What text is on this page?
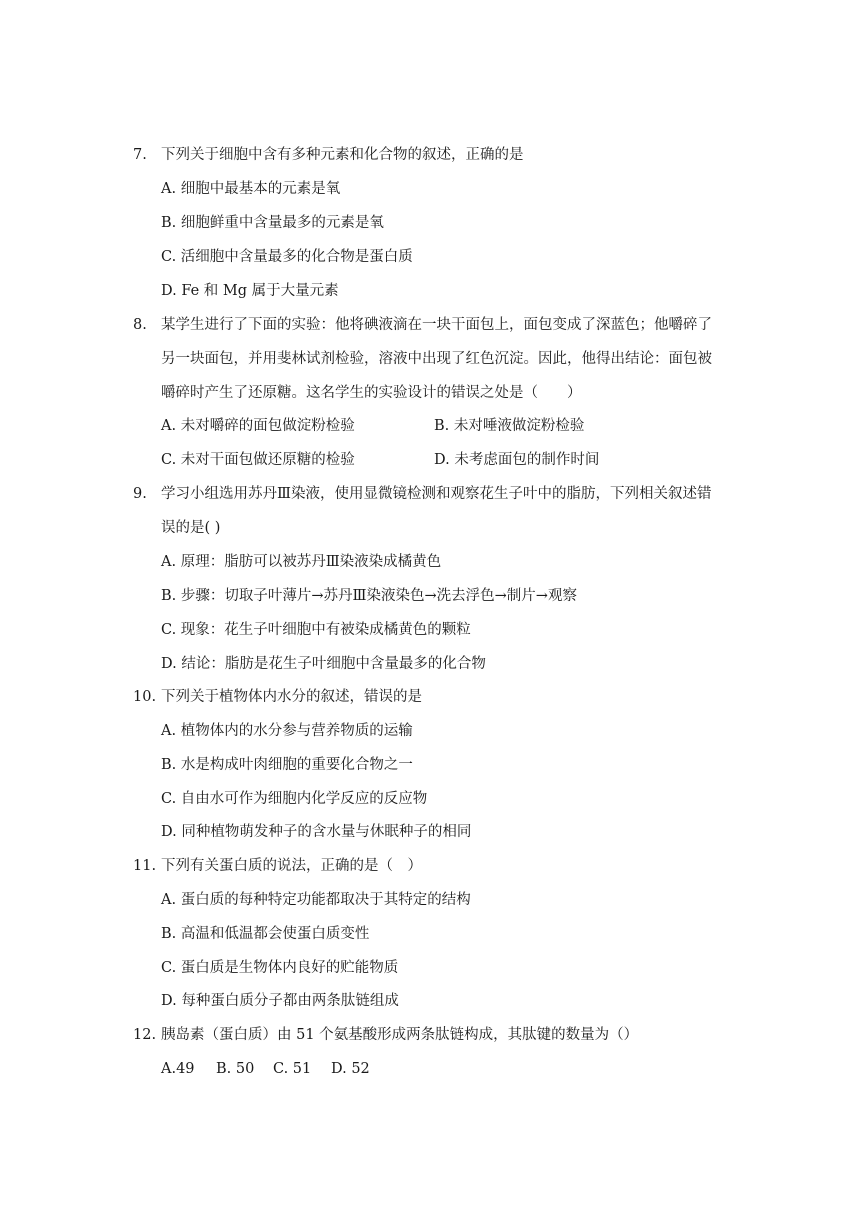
7. 下列关于细胞中含有多种元素和化合物的叙述，正确的是
A. 细胞中最基本的元素是氧
B. 细胞鲜重中含量最多的元素是氧
C. 活细胞中含量最多的化合物是蛋白质
D. Fe 和 Mg 属于大量元素
8. 某学生进行了下面的实验：他将碘液滴在一块干面包上，面包变成了深蓝色；他嚼碎了
另一块面包，并用斐林试剂检验，溶液中出现了红色沉淀。因此，他得出结论：面包被
嚼碎时产生了还原糖。这名学生的实验设计的错误之处是（　　）
A. 未对嚼碎的面包做淀粉检验	B. 未对唾液做淀粉检验
C. 未对干面包做还原糖的检验	D. 未考虑面包的制作时间
9. 学习小组选用苏丹Ⅲ染液，使用显微镜检测和观察花生子叶中的脂肪，下列相关叙述错
误的是( )
A. 原理：脂肪可以被苏丹Ⅲ染液染成橘黄色
B. 步骤：切取子叶薄片→苏丹Ⅲ染液染色→洗去浮色→制片→观察
C. 现象：花生子叶细胞中有被染成橘黄色的颗粒
D. 结论：脂肪是花生子叶细胞中含量最多的化合物
10. 下列关于植物体内水分的叙述，错误的是
A. 植物体内的水分参与营养物质的运输
B. 水是构成叶肉细胞的重要化合物之一
C. 自由水可作为细胞内化学反应的反应物
D. 同种植物萌发种子的含水量与休眠种子的相同
11. 下列有关蛋白质的说法，正确的是（　）
A. 蛋白质的每种特定功能都取决于其特定的结构
B. 高温和低温都会使蛋白质变性
C. 蛋白质是生物体内良好的贮能物质
D. 每种蛋白质分子都由两条肽链组成
12. 胰岛素（蛋白质）由 51 个氨基酸形成两条肽链构成，其肽键的数量为（）
A.49 B. 50 C. 51 D. 52
